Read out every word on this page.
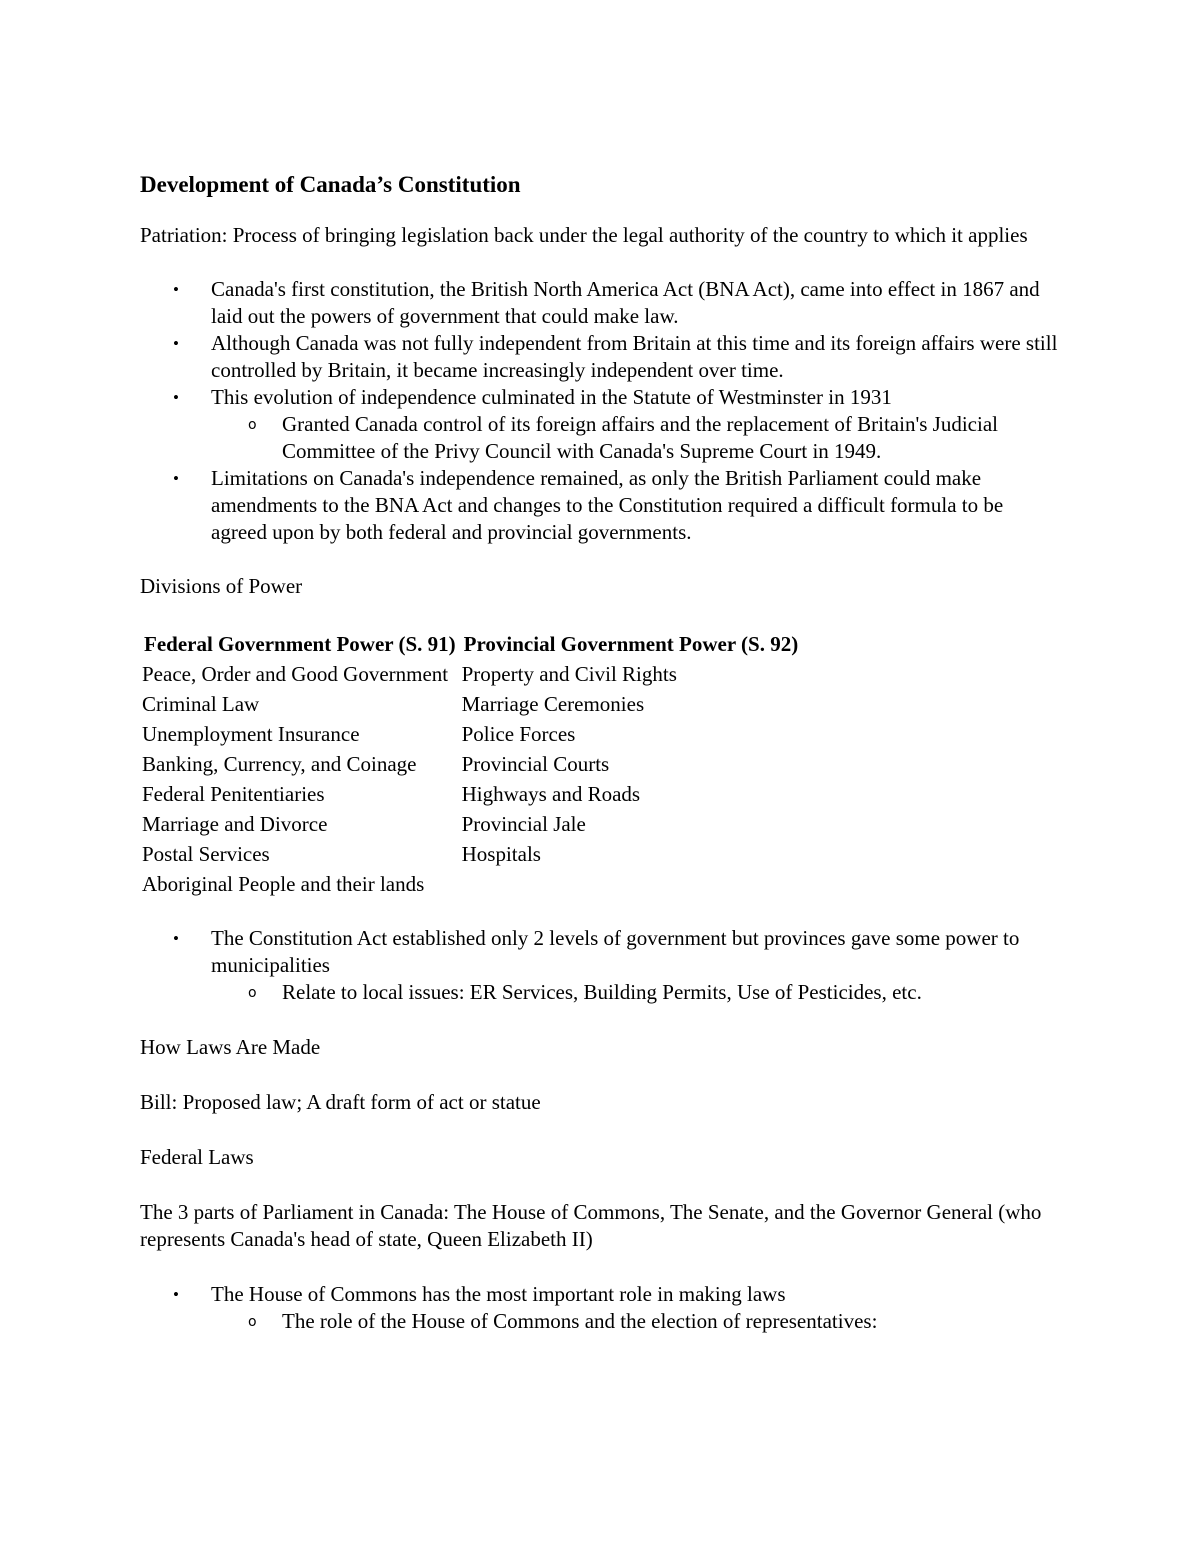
Development of Canada’s Constitution

Patriation: Process of bringing legislation back under the legal authority of the country to which it applies

• Canada's first constitution, the British North America Act (BNA Act), came into effect in 1867 and laid out the powers of government that could make law.
• Although Canada was not fully independent from Britain at this time and its foreign affairs were still controlled by Britain, it became increasingly independent over time.
• This evolution of independence culminated in the Statute of Westminster in 1931
o Granted Canada control of its foreign affairs and the replacement of Britain's Judicial Committee of the Privy Council with Canada's Supreme Court in 1949.
• Limitations on Canada's independence remained, as only the British Parliament could make amendments to the BNA Act and changes to the Constitution required a difficult formula to be agreed upon by both federal and provincial governments.

Divisions of Power

Federal Government Power (S. 91)	Provincial Government Power (S. 92)
Peace, Order and Good Government	Property and Civil Rights
Criminal Law	Marriage Ceremonies
Unemployment Insurance	Police Forces
Banking, Currency, and Coinage	Provincial Courts
Federal Penitentiaries	Highways and Roads
Marriage and Divorce	Provincial Jale
Postal Services	Hospitals
Aboriginal People and their lands	
• The Constitution Act established only 2 levels of government but provinces gave some power to municipalities
o Relate to local issues: ER Services, Building Permits, Use of Pesticides, etc.

How Laws Are Made

Bill: Proposed law; A draft form of act or statue

Federal Laws

The 3 parts of Parliament in Canada: The House of Commons, The Senate, and the Governor General (who represents Canada's head of state, Queen Elizabeth II)

• The House of Commons has the most important role in making laws
o The role of the House of Commons and the election of representatives:
